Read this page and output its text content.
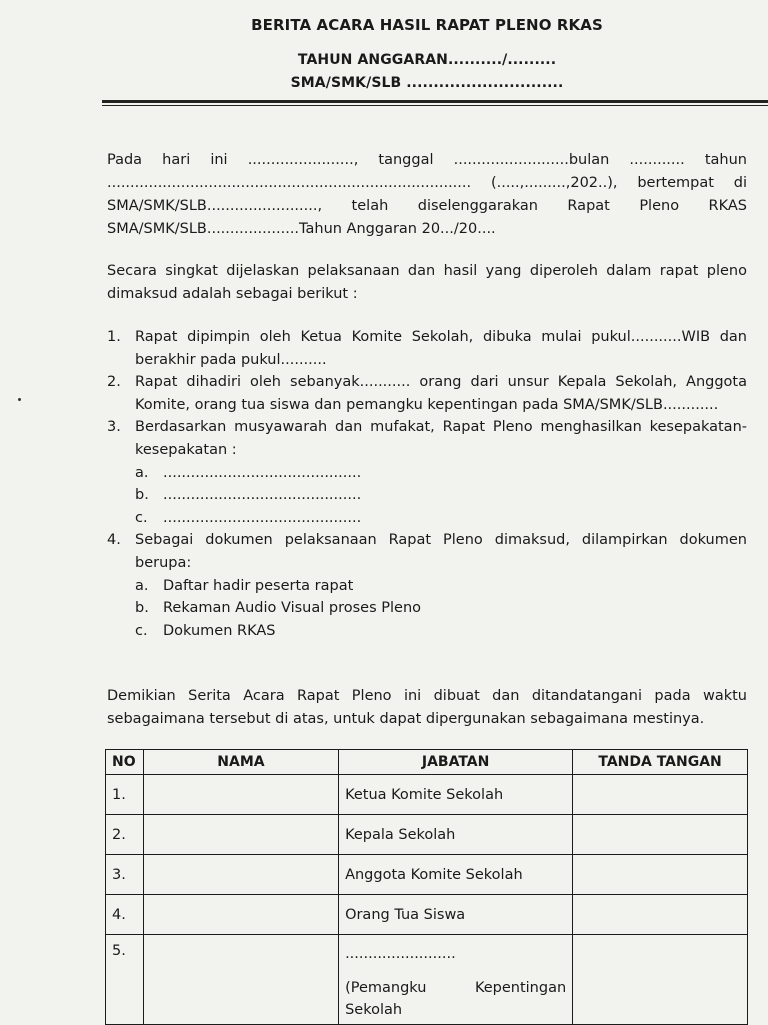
BERITA ACARA HASIL RAPAT PLENO RKAS
TAHUN ANGGARAN........../.........
SMA/SMK/SLB .............................
Pada hari ini ......................., tanggal .........................bulan ............ tahun
............................................................................... (.....,.........,202..), bertempat di
SMA/SMK/SLB........................, telah diselenggarakan Rapat Pleno RKAS
SMA/SMK/SLB....................Tahun Anggaran 20.../20....
Secara singkat dijelaskan pelaksanaan dan hasil yang diperoleh dalam rapat pleno dimaksud adalah sebagai berikut :
1. Rapat dipimpin oleh Ketua Komite Sekolah, dibuka mulai pukul...........WIB dan berakhir pada pukul..........
2. Rapat dihadiri oleh sebanyak........... orang dari unsur Kepala Sekolah, Anggota Komite, orang tua siswa dan pemangku kepentingan pada SMA/SMK/SLB............
3. Berdasarkan musyawarah dan mufakat, Rapat Pleno menghasilkan kesepakatan-kesepakatan :
a.	...........................................
b. ...........................................
c.	...........................................
4. Sebagai dokumen pelaksanaan Rapat Pleno dimaksud, dilampirkan dokumen berupa:
a.	Daftar hadir peserta rapat
b. Rekaman Audio Visual proses Pleno
c.	Dokumen RKAS
Demikian Serita Acara Rapat Pleno ini dibuat dan ditandatangani pada waktu sebagaimana tersebut di atas, untuk dapat dipergunakan sebagaimana mestinya.
NO	NAMA	JABATAN	TANDA TANGAN
1.		Ketua Komite Sekolah	
2.		Kepala Sekolah	
3.		Anggota Komite Sekolah	
4.		Orang Tua Siswa	
5.		........................
(Pemangku       Kepentingan Sekolah	
